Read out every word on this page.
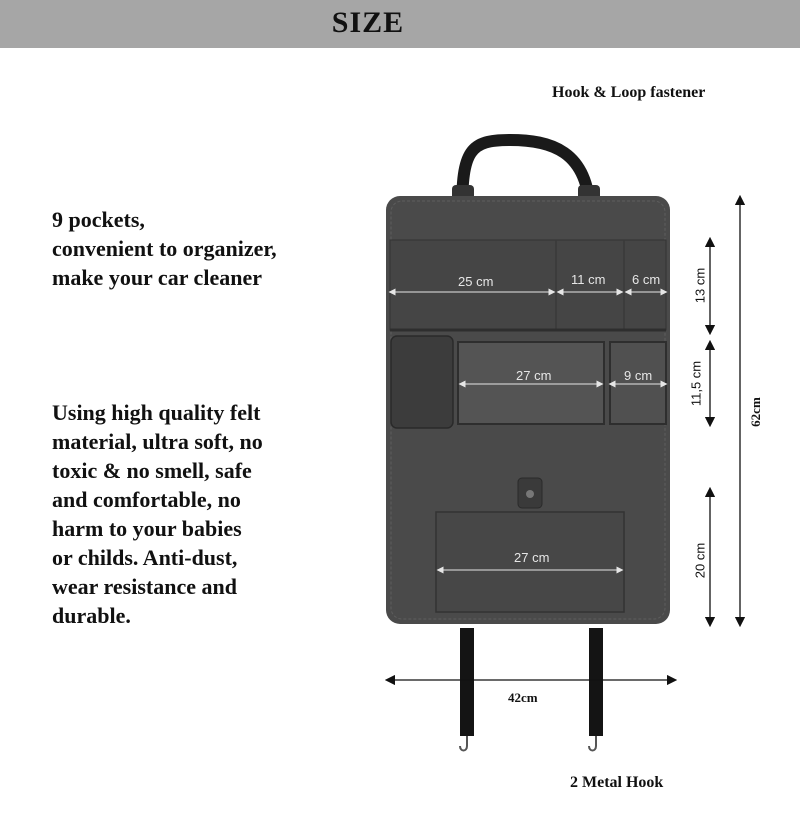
SIZE
Hook & Loop fastener
2 Metal Hook
9 pockets,
convenient to organizer,
make your car cleaner
Using high quality felt
material, ultra soft, no
toxic & no smell, safe
and comfortable, no
harm to your babies
or childs. Anti-dust,
wear resistance and
durable.
25 cm	11 cm 6 cm
27 cm	9 cm
27 cm
13 cm
11,5 cm
20 cm
62cm
42cm
